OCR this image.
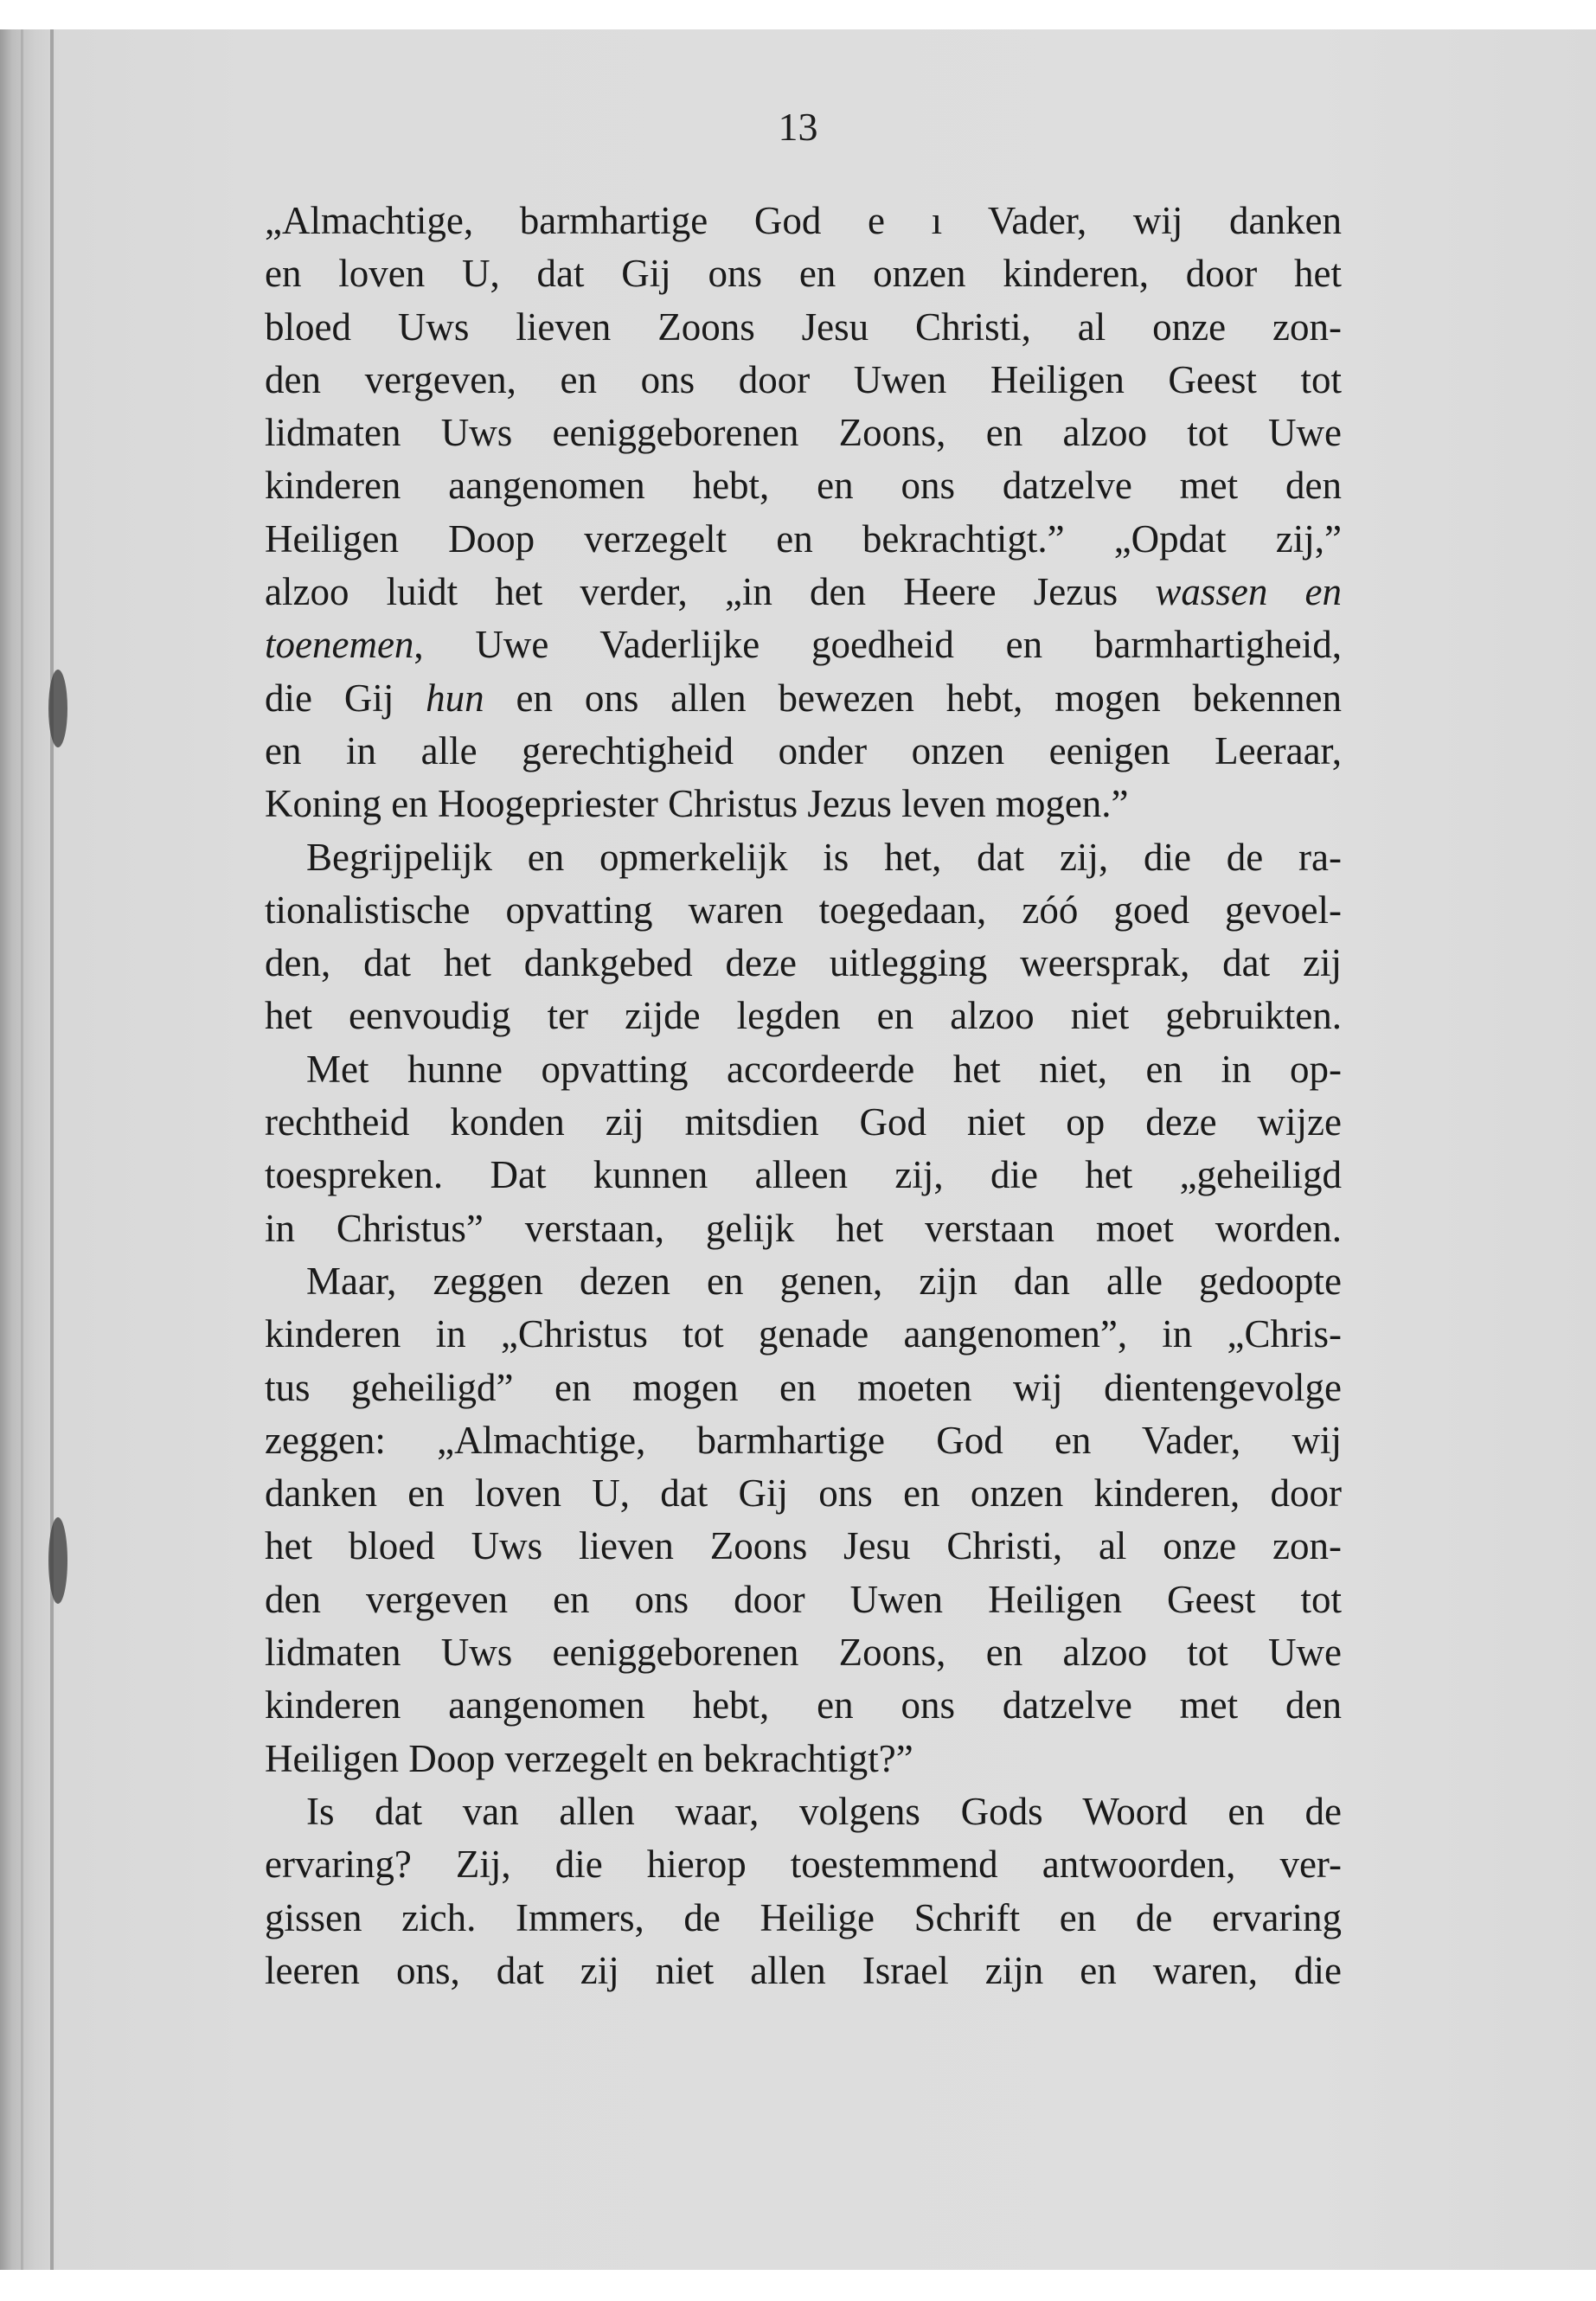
13
„Almachtige, barmhartige God e ı Vader, wij danken
en loven U, dat Gij ons en onzen kinderen, door het
bloed Uws lieven Zoons Jesu Christi, al onze zon-
den vergeven, en ons door Uwen Heiligen Geest tot
lidmaten Uws eeniggeborenen Zoons, en alzoo tot Uwe
kinderen aangenomen hebt, en ons datzelve met den
Heiligen Doop verzegelt en bekrachtigt.” „Opdat zij,”
alzoo luidt het verder, „in den Heere Jezus wassen en
toenemen, Uwe Vaderlijke goedheid en barmhartigheid,
die Gij hun en ons allen bewezen hebt, mogen bekennen
en in alle gerechtigheid onder onzen eenigen Leeraar,
Koning en Hoogepriester Christus Jezus leven mogen.”
Begrijpelijk en opmerkelijk is het, dat zij, die de ra-
tionalistische opvatting waren toegedaan, zóó goed gevoel-
den, dat het dankgebed deze uitlegging weersprak, dat zij
het eenvoudig ter zijde legden en alzoo niet gebruikten.
Met hunne opvatting accordeerde het niet, en in op-
rechtheid konden zij mitsdien God niet op deze wijze
toespreken. Dat kunnen alleen zij, die het „geheiligd
in Christus” verstaan, gelijk het verstaan moet worden.
Maar, zeggen dezen en genen, zijn dan alle gedoopte
kinderen in „Christus tot genade aangenomen”, in „Chris-
tus geheiligd” en mogen en moeten wij dientengevolge
zeggen: „Almachtige, barmhartige God en Vader, wij
danken en loven U, dat Gij ons en onzen kinderen, door
het bloed Uws lieven Zoons Jesu Christi, al onze zon-
den vergeven en ons door Uwen Heiligen Geest tot
lidmaten Uws eeniggeborenen Zoons, en alzoo tot Uwe
kinderen aangenomen hebt, en ons datzelve met den
Heiligen Doop verzegelt en bekrachtigt?”
Is dat van allen waar, volgens Gods Woord en de
ervaring? Zij, die hierop toestemmend antwoorden, ver-
gissen zich. Immers, de Heilige Schrift en de ervaring
leeren ons, dat zij niet allen Israel zijn en waren, die
